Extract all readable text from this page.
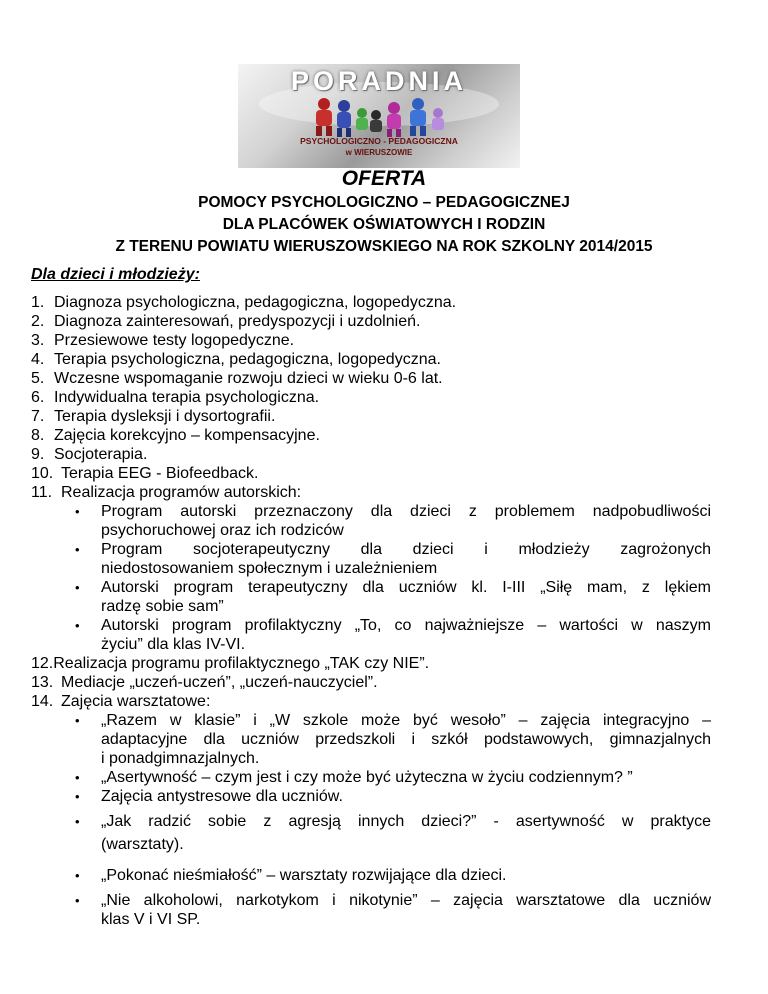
PORADNIA
PSYCHOLOGICZNO - PEDAGOGICZNA
w WIERUSZOWIE
OFERTA
POMOCY PSYCHOLOGICZNO – PEDAGOGICZNEJ
DLA PLACÓWEK OŚWIATOWYCH I RODZIN
Z TERENU POWIATU WIERUSZOWSKIEGO NA ROK SZKOLNY 2014/2015
Dla dzieci i młodzieży:
1. Diagnoza psychologiczna, pedagogiczna, logopedyczna.
2. Diagnoza zainteresowań, predyspozycji i uzdolnień.
3. Przesiewowe testy logopedyczne.
4. Terapia psychologiczna, pedagogiczna, logopedyczna.
5. Wczesne wspomaganie rozwoju dzieci w wieku 0-6 lat.
6. Indywidualna terapia psychologiczna.
7. Terapia dysleksji i dysortografii.
8. Zajęcia korekcyjno – kompensacyjne.
9. Socjoterapia.
10. Terapia EEG - Biofeedback.
11. Realizacja programów autorskich:
•	Program autorski przeznaczony dla dzieci z problemem nadpobudliwości
psychoruchowej oraz ich rodziców
•	Program socjoterapeutyczny dla dzieci i młodzieży zagrożonych
niedostosowaniem społecznym i uzależnieniem
•	Autorski program terapeutyczny dla uczniów kl. I-III „Siłę mam, z lękiem
radzę sobie sam”
•	Autorski program profilaktyczny „To, co najważniejsze – wartości w naszym
życiu” dla klas IV-VI.
12. Realizacja programu profilaktycznego „TAK czy NIE”.
13. Mediacje „uczeń-uczeń”, „uczeń-nauczyciel”.
14. Zajęcia warsztatowe:
•	„Razem w klasie” i „W szkole może być wesoło” – zajęcia integracyjno –
adaptacyjne dla uczniów przedszkoli i szkół podstawowych, gimnazjalnych
i ponadgimnazjalnych.
•	„Asertywność – czym jest i czy może być użyteczna w życiu codziennym? ”
•	Zajęcia antystresowe dla uczniów.
•	„Jak radzić sobie z agresją innych dzieci?” - asertywność w praktyce
(warsztaty).
•	„Pokonać nieśmiałość” – warsztaty rozwijające dla dzieci.
•	„Nie alkoholowi, narkotykom i nikotynie” – zajęcia warsztatowe dla uczniów
klas V i VI SP.
